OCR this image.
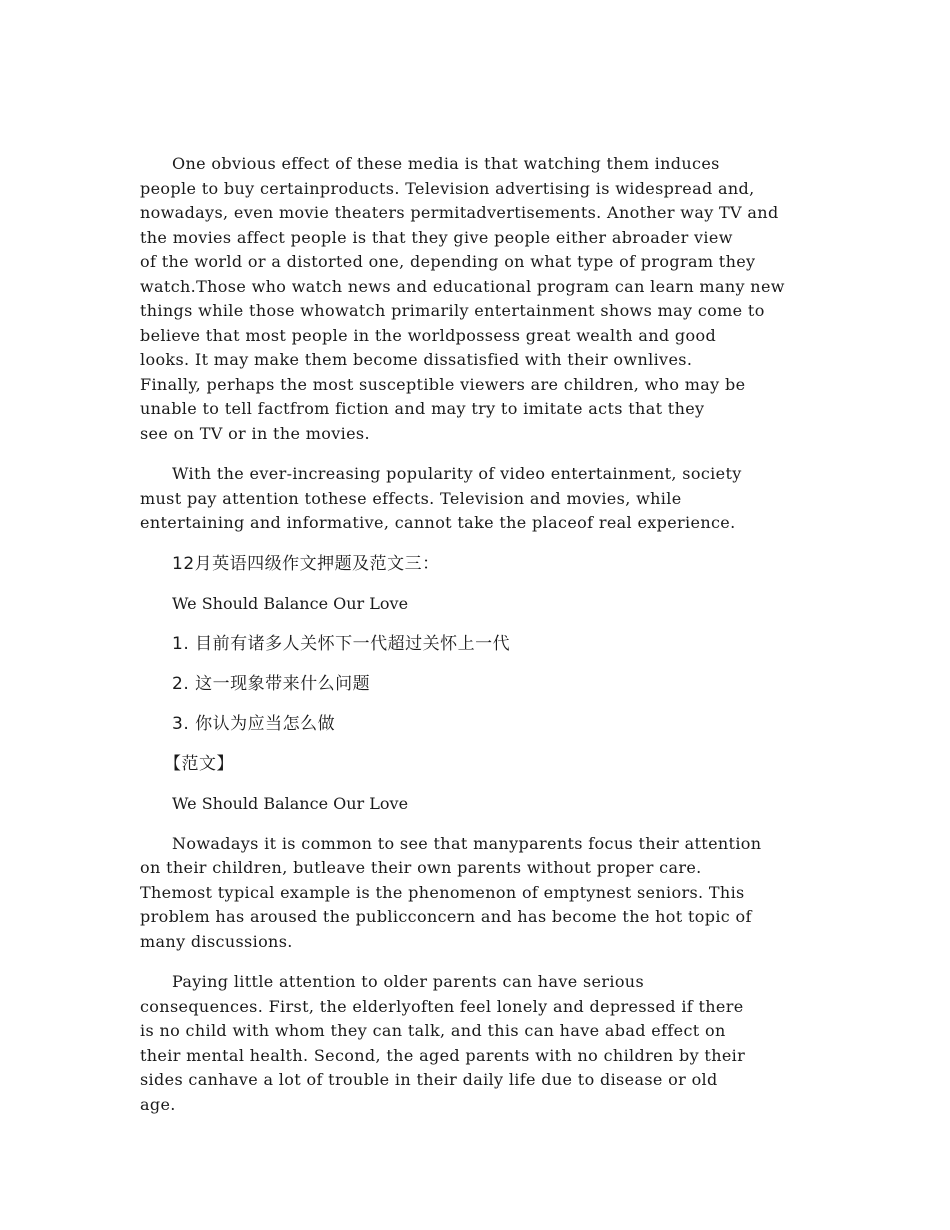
One obvious effect of these media is that watching them induces
people to buy certainproducts. Television advertising is widespread and,
nowadays, even movie theaters permitadvertisements. Another way TV and
the movies affect people is that they give people either abroader view
of the world or a distorted one, depending on what type of program they
watch.Those who watch news and educational program can learn many new
things while those whowatch primarily entertainment shows may come to
believe that most people in the worldpossess great wealth and good
looks. It may make them become dissatisfied with their ownlives.
Finally, perhaps the most susceptible viewers are children, who may be
unable to tell factfrom fiction and may try to imitate acts that they
see on TV or in the movies.

With the ever-increasing popularity of video entertainment, society
must pay attention tothese effects. Television and movies, while
entertaining and informative, cannot take the placeof real experience.

12月英语四级作文押题及范文三：

We Should Balance Our Love

1. 目前有诸多人关怀下一代超过关怀上一代

2. 这一现象带来什么问题

3. 你认为应当怎么做

【范文】

We Should Balance Our Love

Nowadays it is common to see that manyparents focus their attention
on their children, butleave their own parents without proper care.
Themost typical example is the phenomenon of emptynest seniors. This
problem has aroused the publicconcern and has become the hot topic of
many discussions.

Paying little attention to older parents can have serious
consequences. First, the elderlyoften feel lonely and depressed if there
is no child with whom they can talk, and this can have abad effect on
their mental health. Second, the aged parents with no children by their
sides canhave a lot of trouble in their daily life due to disease or old
age.
